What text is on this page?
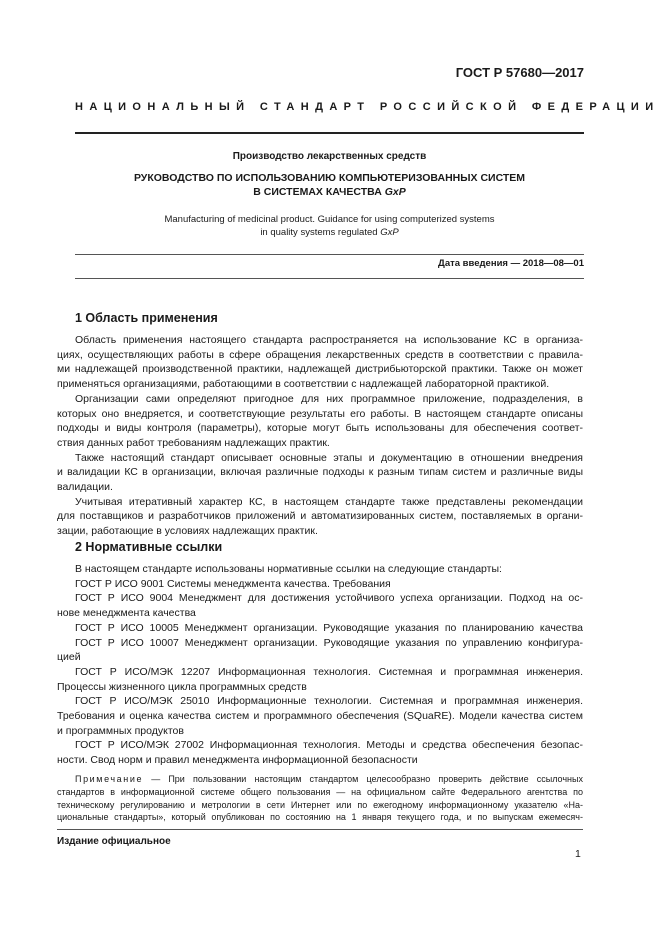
ГОСТ Р 57680—2017
НАЦИОНАЛЬНЫЙ СТАНДАРТ РОССИЙСКОЙ ФЕДЕРАЦИИ
Производство лекарственных средств
РУКОВОДСТВО ПО ИСПОЛЬЗОВАНИЮ КОМПЬЮТЕРИЗОВАННЫХ СИСТЕМ
В СИСТЕМАХ КАЧЕСТВА GxP
Manufacturing of medicinal product. Guidance for using computerized systems
in quality systems regulated GxP
Дата введения — 2018—08—01
1 Область применения
Область применения настоящего стандарта распространяется на использование КС в организа-
циях, осуществляющих работы в сфере обращения лекарственных средств в соответствии с правила-
ми надлежащей производственной практики, надлежащей дистрибьюторской практики. Также он может
применяться организациями, работающими в соответствии с надлежащей лабораторной практикой.
Организации сами определяют пригодное для них программное приложение, подразделения, в
которых оно внедряется, и соответствующие результаты его работы. В настоящем стандарте описаны
подходы и виды контроля (параметры), которые могут быть использованы для обеспечения соответ-
ствия данных работ требованиям надлежащих практик.
Также настоящий стандарт описывает основные этапы и документацию в отношении внедрения
и валидации КС в организации, включая различные подходы к разным типам систем и различные виды
валидации.
Учитывая итеративный характер КС, в настоящем стандарте также представлены рекомендации
для поставщиков и разработчиков приложений и автоматизированных систем, поставляемых в органи-
зации, работающие в условиях надлежащих практик.
2 Нормативные ссылки
В настоящем стандарте использованы нормативные ссылки на следующие стандарты:
ГОСТ Р ИСО 9001 Системы менеджмента качества. Требования
ГОСТ Р ИСО 9004 Менеджмент для достижения устойчивого успеха организации. Подход на ос-
нове менеджмента качества
ГОСТ Р ИСО 10005 Менеджмент организации. Руководящие указания по планированию качества
ГОСТ Р ИСО 10007 Менеджмент организации. Руководящие указания по управлению конфигура-
цией
ГОСТ Р ИСО/МЭК 12207 Информационная технология. Системная и программная инженерия.
Процессы жизненного цикла программных средств
ГОСТ Р ИСО/МЭК 25010 Информационные технологии. Системная и программная инженерия.
Требования и оценка качества систем и программного обеспечения (SQuaRE). Модели качества систем
и программных продуктов
ГОСТ Р ИСО/МЭК 27002 Информационная технология. Методы и средства обеспечения безопас-
ности. Свод норм и правил менеджмента информационной безопасности
Примечание — При пользовании настоящим стандартом целесообразно проверить действие ссылочных
стандартов в информационной системе общего пользования — на официальном сайте Федерального агентства по
техническому регулированию и метрологии в сети Интернет или по ежегодному информационному указателю «На-
циональные стандарты», который опубликован по состоянию на 1 января текущего года, и по выпускам ежемесяч-
Издание официальное
1
